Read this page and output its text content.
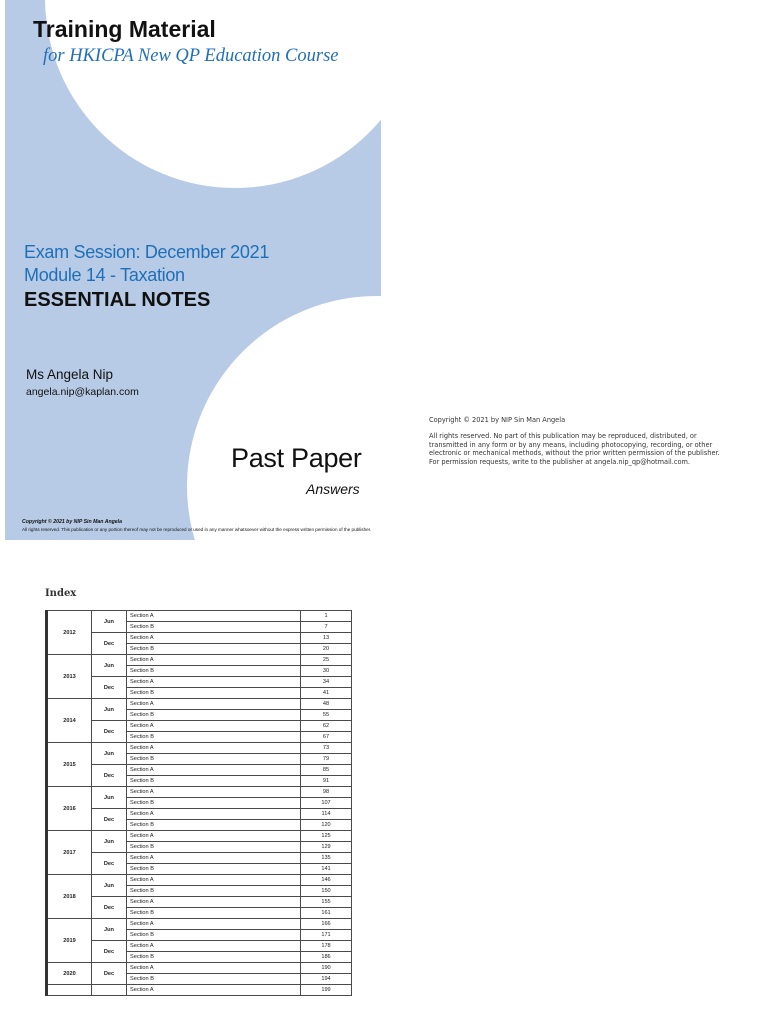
Training Material
for HKICPA New QP Education Course
Exam Session: December 2021
Module 14 - Taxation
ESSENTIAL NOTES
Ms Angela Nip
angela.nip@kaplan.com
Past Paper
Answers
Copyright © 2021 by NIP Sin Man Angela
All rights reserved. This publication or any portion thereof may not be reproduced or used in any manner whatsoever without the express written permission of the publisher.

Copyright © 2021 by NIP Sin Man Angela

All rights reserved. No part of this publication may be reproduced, distributed, or transmitted in any form or by any means, including photocopying, recording, or other electronic or mechanical methods, without the prior written permission of the publisher. For permission requests, write to the publisher at angela.nip_qp@hotmail.com.

Index
2012	Jun	Section A	1
		Section B	7
	Dec	Section A	13
		Section B	20
2013	Jun	Section A	25
		Section B	30
	Dec	Section A	34
		Section B	41
2014	Jun	Section A	48
		Section B	55
	Dec	Section A	62
		Section B	67
2015	Jun	Section A	73
		Section B	79
	Dec	Section A	85
		Section B	91
2016	Jun	Section A	98
		Section B	107
	Dec	Section A	114
		Section B	120
2017	Jun	Section A	125
		Section B	129
	Dec	Section A	135
		Section B	141
2018	Jun	Section A	146
		Section B	150
	Dec	Section A	155
		Section B	161
2019	Jun	Section A	166
		Section B	171
	Dec	Section A	178
		Section B	186
2020	Dec	Section A	190
		Section B	194
		Section A	199
